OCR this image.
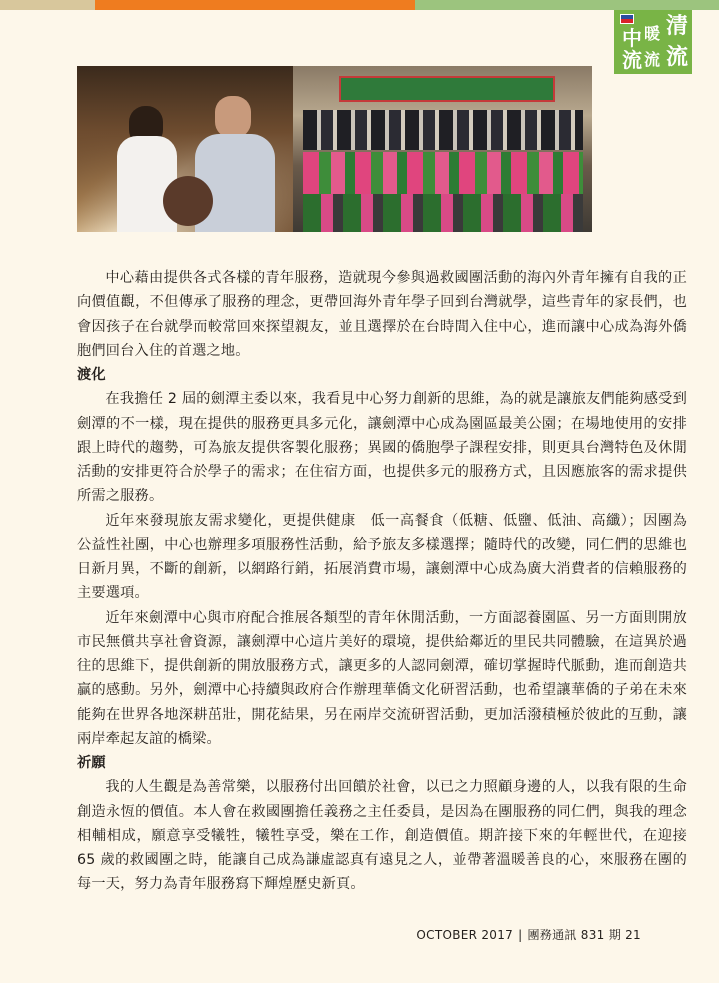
中 暖 清
流 流 流

中心藉由提供各式各樣的青年服務，造就現今參與過救國團活動的海內外青年擁有自我的正向價值觀，不但傳承了服務的理念，更帶回海外青年學子回到台灣就學，這些青年的家長們，也會因孩子在台就學而較常回來探望親友，並且選擇於在台時間入住中心，進而讓中心成為海外僑胞們回台入住的首選之地。

渡化

在我擔任 2 屆的劍潭主委以來，我看見中心努力創新的思維，為的就是讓旅友們能夠感受到劍潭的不一樣，現在提供的服務更具多元化，讓劍潭中心成為園區最美公園；在場地使用的安排跟上時代的趨勢，可為旅友提供客製化服務；異國的僑胞學子課程安排，則更具台灣特色及休閒活動的安排更符合於學子的需求；在住宿方面，也提供多元的服務方式，且因應旅客的需求提供所需之服務。

近年來發現旅友需求變化，更提供健康　低一高餐食（低糖、低鹽、低油、高纖）；因團為公益性社團，中心也辦理多項服務性活動，給予旅友多樣選擇；隨時代的改變，同仁們的思維也日新月異，不斷的創新，以網路行銷，拓展消費市場，讓劍潭中心成為廣大消費者的信賴服務的主要選項。

近年來劍潭中心與市府配合推展各類型的青年休閒活動，一方面認養園區、另一方面則開放市民無償共享社會資源，讓劍潭中心這片美好的環境，提供給鄰近的里民共同體驗，在這異於過往的思維下，提供創新的開放服務方式，讓更多的人認同劍潭，確切掌握時代脈動，進而創造共贏的感動。另外，劍潭中心持續與政府合作辦理華僑文化研習活動，也希望讓華僑的子弟在未來能夠在世界各地深耕茁壯，開花結果，另在兩岸交流研習活動，更加活潑積極於彼此的互動，讓兩岸牽起友誼的橋梁。

祈願

我的人生觀是為善常樂，以服務付出回饋於社會，以已之力照顧身邊的人，以我有限的生命創造永恆的價值。本人會在救國團擔任義務之主任委員，是因為在團服務的同仁們，與我的理念相輔相成，願意享受犧牲，犧牲享受，樂在工作，創造價值。期許接下來的年輕世代，在迎接 65 歲的救國團之時，能讓自己成為謙虛認真有遠見之人，並帶著溫暖善良的心，來服務在團的每一天，努力為青年服務寫下輝煌歷史新頁。

OCTOBER 2017 | 團務通訊 831 期 21
